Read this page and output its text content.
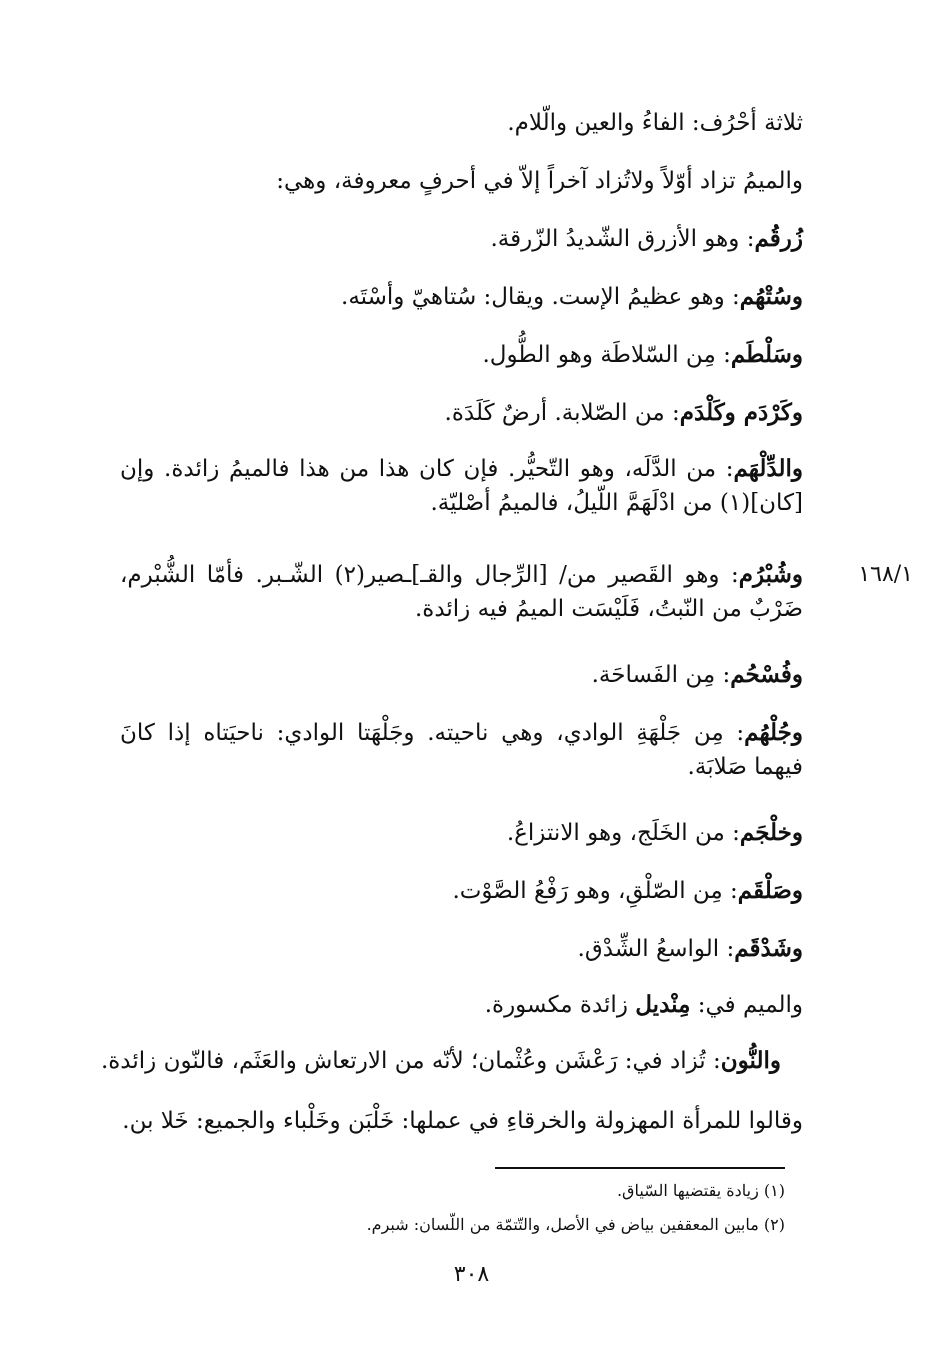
ثلاثة أحْرُف: الفاءُ والعين والّلام.
والميمُ تزاد أوّلاً ولاتُزاد آخراً إلاّ في أحرفٍ معروفة، وهي:
زُرقُم: وهو الأزرق الشّديدُ الزّرقة.
وسُتْهُم: وهو عظيمُ الإست. ويقال: سُتاهيّ وأسْتَه.
وسَلْطَم: مِن السّلاطَة وهو الطُّول.
وكَرْدَم وكَلْدَم: من الصّلابة. أرضٌ كَلَدَة.
والدِّلْهَم: من الدَّلَه، وهو التّحيُّر. فإن كان هذا من هذا فالميمُ زائدة. وإن [كان](١) من ادْلَهَمَّ اللّيلُ، فالميمُ أصْليّة.
١٦٨/١
وشُبْرُم: وهو القَصير من/ [الرِّجال والقـ]ـصير(٢) الشّـبر. فأمّا الشُّبْرم، ضَرْبٌ من النّبتُ، فَلَيْسَت الميمُ فيه زائدة.
وفُسْحُم: مِن الفَساحَة.
وجُلْهُم: مِن جَلْهَةِ الوادي، وهي ناحيته. وجَلْهَتا الوادي: ناحيَتاه إذا كانَ فيهما صَلابَة.
وخلْجَم: من الخَلَج، وهو الانتزاعُ.
وصَلْقَم: مِن الصّلْقِ، وهو رَفْعُ الصَّوْت.
وشَدْقَم: الواسعُ الشِّدْق.
والميم في: مِنْديل زائدة مكسورة.
والنُّون: تُزاد في: رَعْشَن وعُثْمان؛ لأنّه من الارتعاش والعَثَم، فالنّون زائدة.
وقالوا للمرأة المهزولة والخرقاءِ في عملها: خَلْبَن وخَلْباء والجميع: خَلا بن.
(١) زيادة يقتضيها السّياق.
(٢) مابين المعقفين بياض في الأصل، والتّتمّة من اللّسان: شبرم.
٣٠٨
